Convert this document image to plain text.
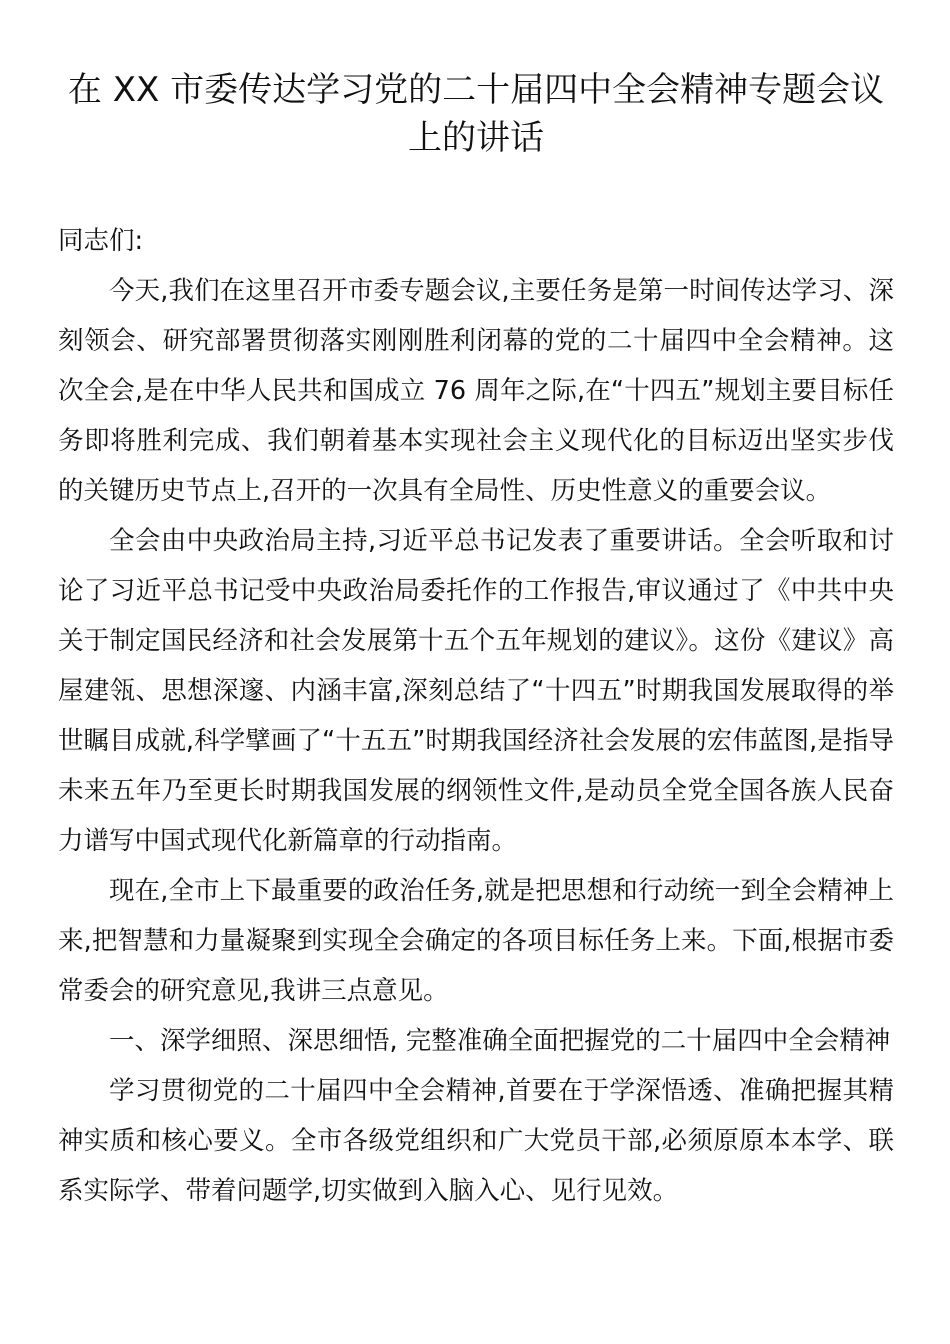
在 XX 市委传达学习党的二十届四中全会精神专题会议上的讲话

同志们:

今天,我们在这里召开市委专题会议,主要任务是第一时间传达学习、深刻领会、研究部署贯彻落实刚刚胜利闭幕的党的二十届四中全会精神。这次全会,是在中华人民共和国成立 76 周年之际,在“十四五”规划主要目标任务即将胜利完成、我们朝着基本实现社会主义现代化的目标迈出坚实步伐的关键历史节点上,召开的一次具有全局性、历史性意义的重要会议。

全会由中央政治局主持,习近平总书记发表了重要讲话。全会听取和讨论了习近平总书记受中央政治局委托作的工作报告,审议通过了《中共中央关于制定国民经济和社会发展第十五个五年规划的建议》。这份《建议》高屋建瓴、思想深邃、内涵丰富,深刻总结了“十四五”时期我国发展取得的举世瞩目成就,科学擘画了“十五五”时期我国经济社会发展的宏伟蓝图,是指导未来五年乃至更长时期我国发展的纲领性文件,是动员全党全国各族人民奋力谱写中国式现代化新篇章的行动指南。

现在,全市上下最重要的政治任务,就是把思想和行动统一到全会精神上来,把智慧和力量凝聚到实现全会确定的各项目标任务上来。下面,根据市委常委会的研究意见,我讲三点意见。

一、深学细照、深思细悟, 完整准确全面把握党的二十届四中全会精神

学习贯彻党的二十届四中全会精神,首要在于学深悟透、准确把握其精神实质和核心要义。全市各级党组织和广大党员干部,必须原原本本学、联系实际学、带着问题学,切实做到入脑入心、见行见效。
